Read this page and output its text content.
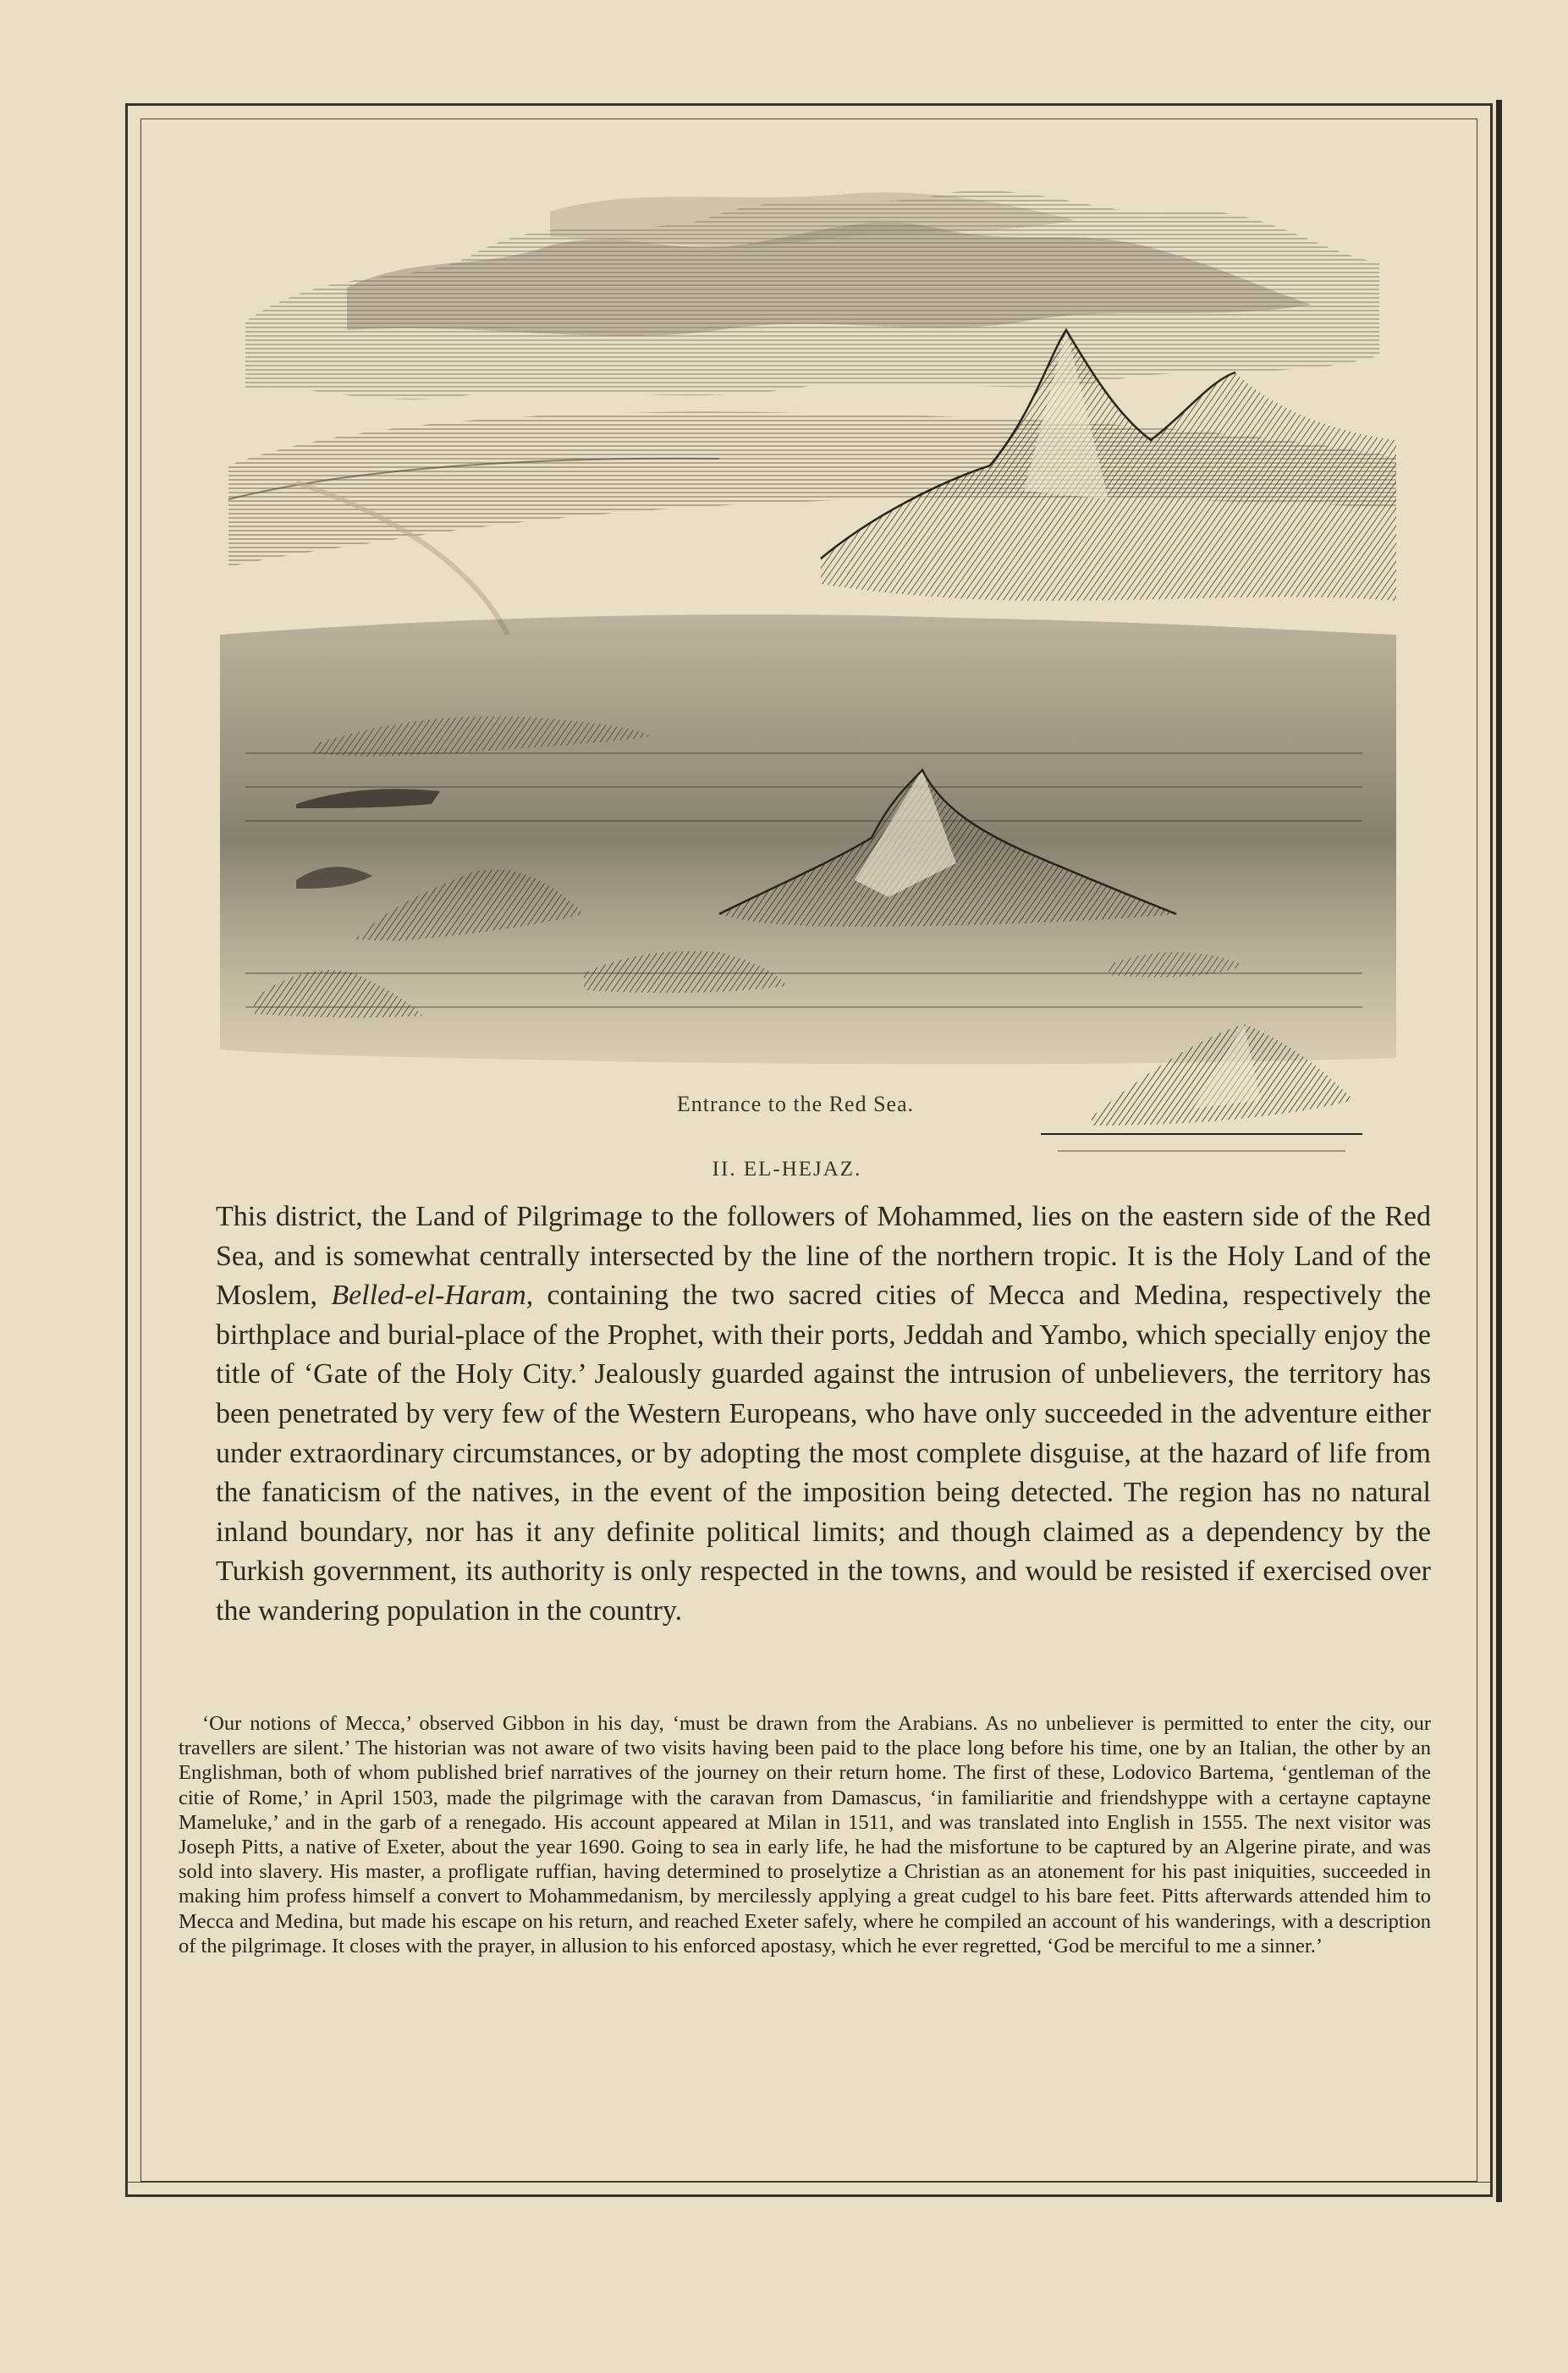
Entrance to the Red Sea.
II. EL-HEJAZ.

This district, the Land of Pilgrimage to the followers of Mohammed, lies on the eastern side of the Red Sea, and is somewhat centrally intersected by the line of the northern tropic. It is the Holy Land of the Moslem, Belled-el-Haram, containing the two sacred cities of Mecca and Medina, respectively the birthplace and burial-place of the Prophet, with their ports, Jeddah and Yambo, which specially enjoy the title of ‘Gate of the Holy City.’ Jealously guarded against the intrusion of unbelievers, the territory has been penetrated by very few of the Western Europeans, who have only succeeded in the adventure either under extraordinary circumstances, or by adopting the most complete disguise, at the hazard of life from the fanaticism of the natives, in the event of the imposition being detected. The region has no natural inland boundary, nor has it any definite political limits; and though claimed as a dependency by the Turkish government, its authority is only respected in the towns, and would be resisted if exercised over the wandering population in the country.

‘Our notions of Mecca,’ observed Gibbon in his day, ‘must be drawn from the Arabians. As no unbeliever is permitted to enter the city, our travellers are silent.’ The historian was not aware of two visits having been paid to the place long before his time, one by an Italian, the other by an Englishman, both of whom published brief narratives of the journey on their return home. The first of these, Lodovico Bartema, ‘gentleman of the citie of Rome,’ in April 1503, made the pilgrimage with the caravan from Damascus, ‘in familiaritie and friendshyppe with a certayne captayne Mameluke,’ and in the garb of a renegado. His account appeared at Milan in 1511, and was translated into English in 1555. The next visitor was Joseph Pitts, a native of Exeter, about the year 1690. Going to sea in early life, he had the misfortune to be captured by an Algerine pirate, and was sold into slavery. His master, a profligate ruffian, having determined to proselytize a Christian as an atonement for his past iniquities, succeeded in making him profess himself a convert to Mohammedanism, by mercilessly applying a great cudgel to his bare feet. Pitts afterwards attended him to Mecca and Medina, but made his escape on his return, and reached Exeter safely, where he compiled an account of his wanderings, with a description of the pilgrimage. It closes with the prayer, in allusion to his enforced apostasy, which he ever regretted, ‘God be merciful to me a sinner.’
